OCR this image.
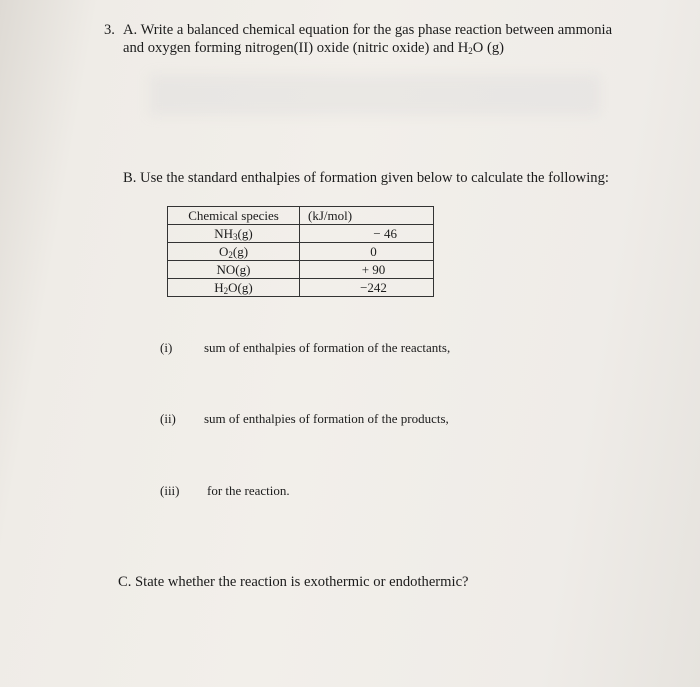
3. A. Write a balanced chemical equation for the gas phase reaction between ammonia
and oxygen forming nitrogen(II) oxide (nitric oxide) and $H_2O$ (g)
B. Use the standard enthalpies of formation given below to calculate the following:
Chemical species	(kJ/mol)
$NH_3(g)$	− 46
$O_2(g)$	0
NO(g)	+ 90
$H_2O(g)$	−242
(i) sum of enthalpies of formation of the reactants,
(ii) sum of enthalpies of formation of the products,
(iii) for the reaction.
C. State whether the reaction is exothermic or endothermic?
